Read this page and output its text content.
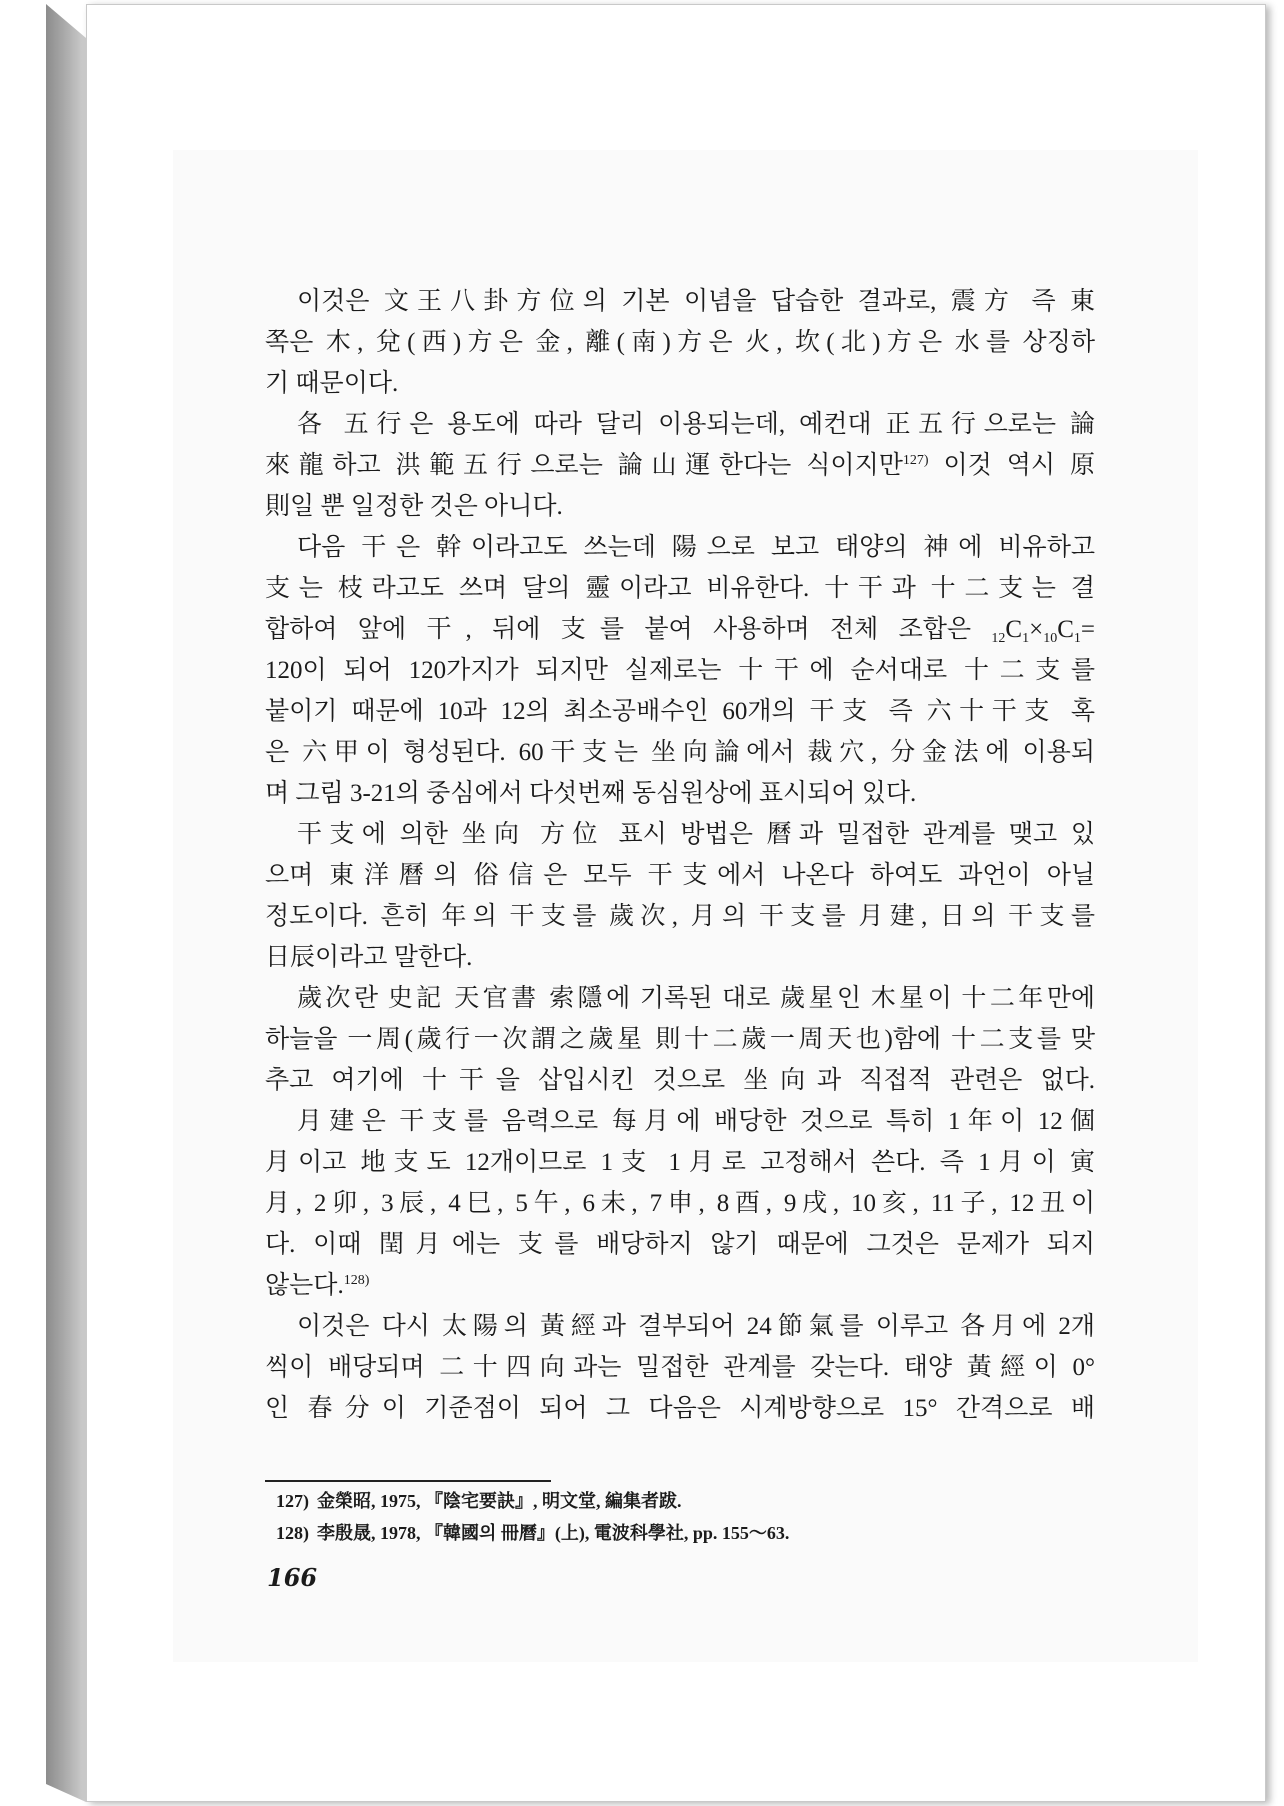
이것은 文王八卦方位의 기본 이념을 답습한 결과로, 震方 즉 東
쪽은 木, 兌(西)方은 金, 離(南)方은 火, 坎(北)方은 水를 상징하
기 때문이다.
各 五行은 용도에 따라 달리 이용되는데, 예컨대 正五行으로는 論
來龍하고 洪範五行으로는 論山運한다는 식이지만$^{127)}$ 이것 역시 原
則일 뿐 일정한 것은 아니다.
다음 干은 幹이라고도 쓰는데 陽으로 보고 태양의 神에 비유하고
支는 枝라고도 쓰며 달의 靈이라고 비유한다. 十干과 十二支는 결
합하여 앞에 干, 뒤에 支를 붙여 사용하며 전체 조합은 $_{12}C_1\times_{10}C_1=$
120이 되어 120가지가 되지만 실제로는 十干에 순서대로 十二支를
붙이기 때문에 10과 12의 최소공배수인 60개의 干支 즉 六十干支 혹
은 六甲이 형성된다. 60干支는 坐向論에서 裁穴, 分金法에 이용되
며 그림 3-21의 중심에서 다섯번째 동심원상에 표시되어 있다.
干支에 의한 坐向 方位 표시 방법은 曆과 밀접한 관계를 맺고 있
으며 東洋曆의 俗信은 모두 干支에서 나온다 하여도 과언이 아닐
정도이다. 흔히 年의 干支를 歲次, 月의 干支를 月建, 日의 干支를
日辰이라고 말한다.
歲次란 史記 天官書 索隱에 기록된 대로 歲星인 木星이 十二年만에
하늘을 一周(歲行一次謂之歲星 則十二歲一周天也)함에 十二支를 맞
추고 여기에 十干을 삽입시킨 것으로 坐向과 직접적 관련은 없다.
月建은 干支를 음력으로 每月에 배당한 것으로 특히 1年이 12個
月이고 地支도 12개이므로 1支 1月로 고정해서 쓴다. 즉 1月이 寅
月, 2卯, 3辰, 4巳, 5午, 6未, 7申, 8酉, 9戌, 10亥, 11子, 12丑이
다. 이때 閏月에는 支를 배당하지 않기 때문에 그것은 문제가 되지
않는다.$^{128)}$
이것은 다시 太陽의 黃經과 결부되어 24節氣를 이루고 各月에 2개
씩이 배당되며 二十四向과는 밀접한 관계를 갖는다. 태양 黃經이 0°
인 春分이 기준점이 되어 그 다음은 시계방향으로 15° 간격으로 배
127) 金榮昭, 1975, 『陰宅要訣』, 明文堂, 編集者跋.
128) 李殷晟, 1978, 『韓國의 冊曆』(上), 電波科學社, pp. 155～63.
166
